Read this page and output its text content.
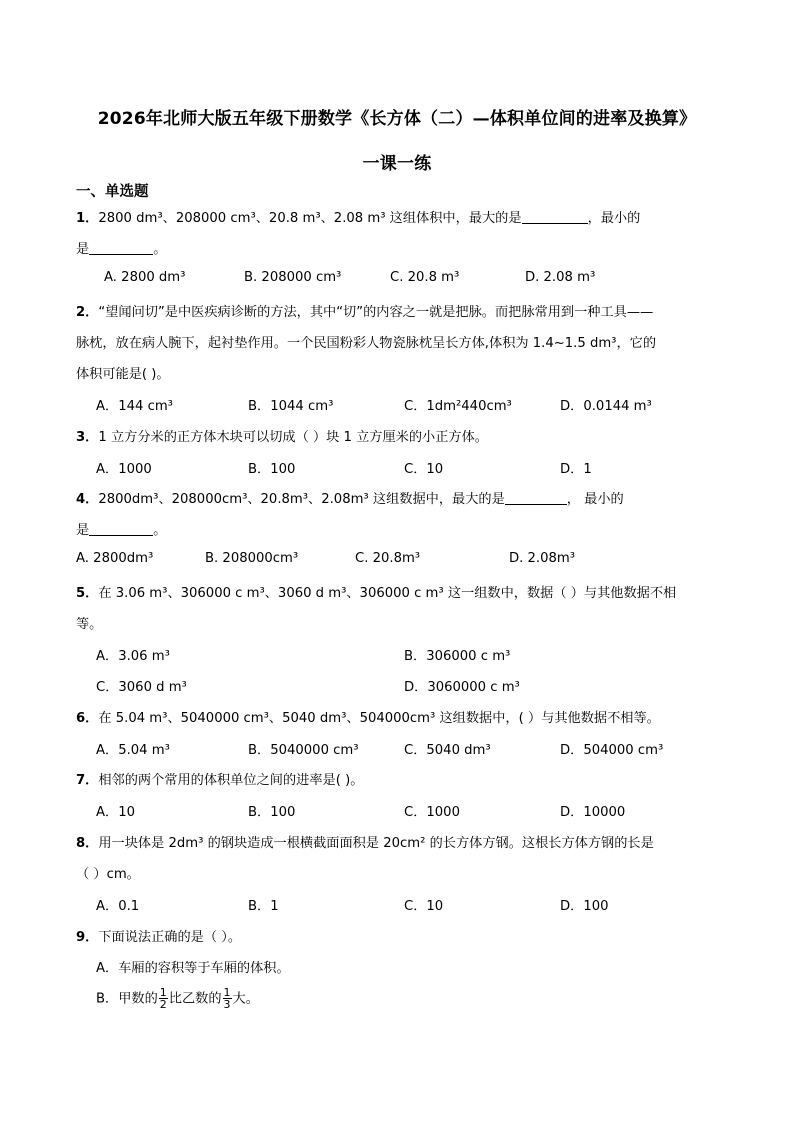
2026年北师大版五年级下册数学《长方体（二）—体积单位间的进率及换算》
一课一练
一、单选题
1．2800 dm³、208000 cm³、20.8 m³、2.08 m³ 这组体积中，最大的是	，最小的
是	。
A. 2800 dm³	B. 208000 cm³	C. 20.8 m³	D. 2.08 m³
2．“望闻问切”是中医疾病诊断的方法，其中“切”的内容之一就是把脉。而把脉常用到一种工具——
脉枕，放在病人腕下，起衬垫作用。一个民国粉彩人物瓷脉枕呈长方体,体积为 1.4~1.5 dm³，它的
体积可能是( )。
A．144 cm³	B．1044 cm³	C．1dm²440cm³	D．0.0144 m³
3．1 立方分米的正方体木块可以切成（ ）块 1 立方厘米的小正方体。
A．1000	B．100	C．10	D．1
4．2800dm³、208000cm³、20.8m³、2.08m³ 这组数据中，最大的是	， 最小的
是	。
A. 2800dm³	B. 208000cm³	C. 20.8m³	D. 2.08m³
5．在 3.06 m³、306000 c m³、3060 d m³、306000 c m³ 这一组数中，数据（ ）与其他数据不相
等。
A．3.06 m³	B．306000 c m³
C．3060 d m³	D．3060000 c m³
6．在 5.04 m³、5040000 cm³、5040 dm³、504000cm³ 这组数据中，( ）与其他数据不相等。
A．5.04 m³	B．5040000 cm³	C．5040 dm³	D．504000 cm³
7．相邻的两个常用的体积单位之间的进率是( )。
A．10	B．100	C．1000	D．10000
8．用一块体是 2dm³ 的钢块造成一根横截面面积是 20cm² 的长方体方钢。这根长方体方钢的长是
（ ）cm。
A．0.1	B．1	C．10	D．100
9．下面说法正确的是（ ）。
A．车厢的容积等于车厢的体积。
B．甲数的 $\frac{1}{2}$ 比乙数的 $\frac{1}{3}$ 大。
